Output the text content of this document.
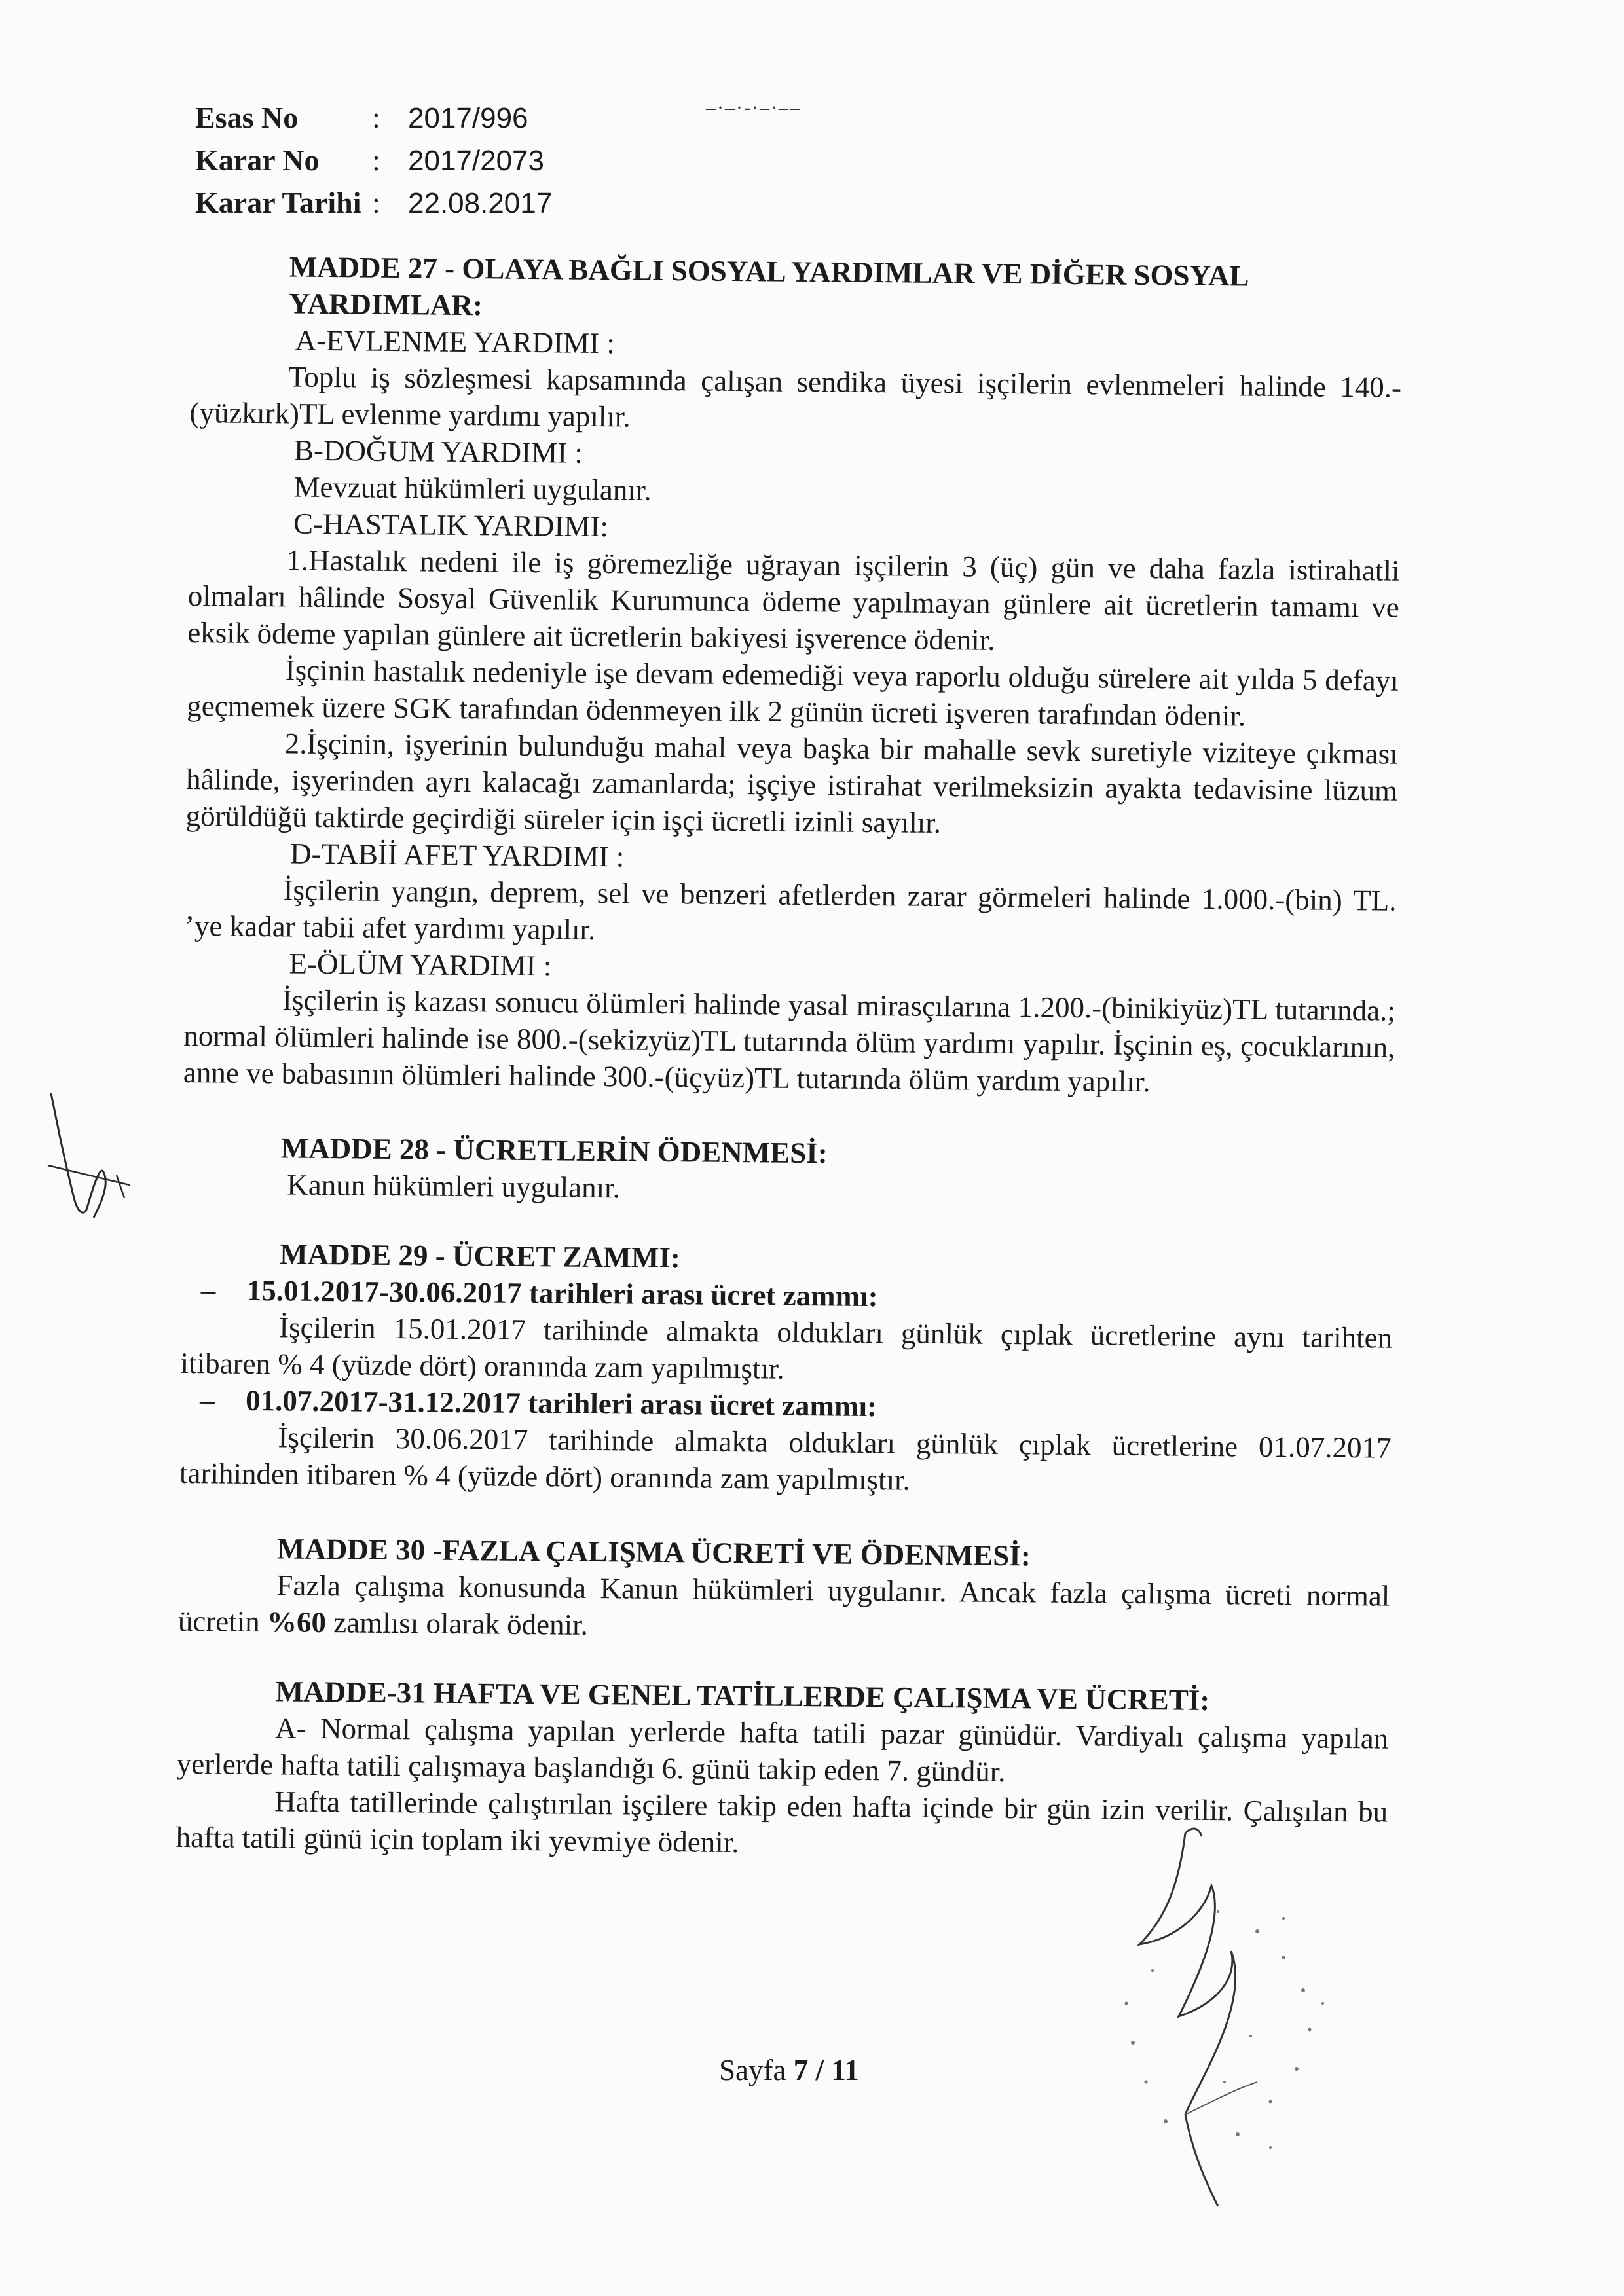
–·–·‑·–·––
Esas No : 2017/996
Karar No : 2017/2073
Karar Tarihi : 22.08.2017

MADDE 27 - OLAYA BAĞLI SOSYAL YARDIMLAR VE DİĞER SOSYAL YARDIMLAR:

A-EVLENME YARDIMI :

Toplu iş sözleşmesi kapsamında çalışan sendika üyesi işçilerin evlenmeleri halinde 140.-(yüzkırk)TL evlenme yardımı yapılır.

B-DOĞUM YARDIMI :

Mevzuat hükümleri uygulanır.

C-HASTALIK YARDIMI:

1.Hastalık nedeni ile iş göremezliğe uğrayan işçilerin 3 (üç) gün ve daha fazla istirahatli olmaları hâlinde Sosyal Güvenlik Kurumunca ödeme yapılmayan günlere ait ücretlerin tamamı ve eksik ödeme yapılan günlere ait ücretlerin bakiyesi işverence ödenir.

İşçinin hastalık nedeniyle işe devam edemediği veya raporlu olduğu sürelere ait yılda 5 defayı geçmemek üzere SGK tarafından ödenmeyen ilk 2 günün ücreti işveren tarafından ödenir.

2.İşçinin, işyerinin bulunduğu mahal veya başka bir mahalle sevk suretiyle viziteye çıkması hâlinde, işyerinden ayrı kalacağı zamanlarda; işçiye istirahat verilmeksizin ayakta tedavisine lüzum görüldüğü taktirde geçirdiği süreler için işçi ücretli izinli sayılır.

D-TABİİ AFET YARDIMI :

İşçilerin yangın, deprem, sel ve benzeri afetlerden zarar görmeleri halinde 1.000.-(bin) TL. ’ye kadar tabii afet yardımı yapılır.

E-ÖLÜM YARDIMI :

İşçilerin iş kazası sonucu ölümleri halinde yasal mirasçılarına 1.200.-(binikiyüz)TL tutarında.; normal ölümleri halinde ise 800.-(sekizyüz)TL tutarında ölüm yardımı yapılır. İşçinin eş, çocuklarının, anne ve babasının ölümleri halinde 300.-(üçyüz)TL tutarında ölüm yardım yapılır.

MADDE 28 - ÜCRETLERİN ÖDENMESİ:

Kanun hükümleri uygulanır.

MADDE 29 - ÜCRET ZAMMI:

– 15.01.2017-30.06.2017 tarihleri arası ücret zammı:

İşçilerin 15.01.2017 tarihinde almakta oldukları günlük çıplak ücretlerine aynı tarihten itibaren % 4 (yüzde dört) oranında zam yapılmıştır.

– 01.07.2017-31.12.2017 tarihleri arası ücret zammı:

İşçilerin 30.06.2017 tarihinde almakta oldukları günlük çıplak ücretlerine 01.07.2017 tarihinden itibaren % 4 (yüzde dört) oranında zam yapılmıştır.

MADDE 30 -FAZLA ÇALIŞMA ÜCRETİ VE ÖDENMESİ:

Fazla çalışma konusunda Kanun hükümleri uygulanır. Ancak fazla çalışma ücreti normal ücretin %60 zamlısı olarak ödenir.

MADDE-31 HAFTA VE GENEL TATİLLERDE ÇALIŞMA VE ÜCRETİ:

A- Normal çalışma yapılan yerlerde hafta tatili pazar günüdür. Vardiyalı çalışma yapılan yerlerde hafta tatili çalışmaya başlandığı 6. günü takip eden 7. gündür.

Hafta tatillerinde çalıştırılan işçilere takip eden hafta içinde bir gün izin verilir. Çalışılan bu hafta tatili günü için toplam iki yevmiye ödenir.

Sayfa 7 / 11
